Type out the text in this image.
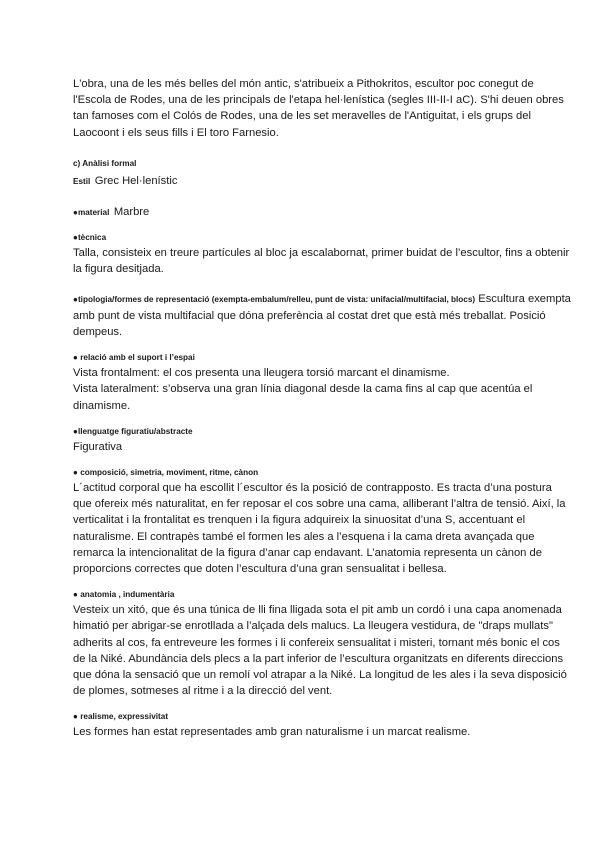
L'obra, una de les més belles del món antic, s'atribueix a Pithokritos, escultor poc conegut de l'Escola de Rodes, una de les principals de l'etapa hel·lenística (segles III-II-I aC). S'hi deuen obres tan famoses com el Colós de Rodes, una de les set meravelles de l'Antiguitat, i els grups del Laocoont i els seus fills i El toro Farnesio.

c) Anàlisi formal
Estil Grec Hel·lenístic
●material Marbre
●tècnica

Talla, consisteix en treure partícules al bloc ja escalabornat, primer buidat de l’escultor, fins a obtenir la figura desitjada.

●tipologia/formes de representació (exempta-embalum/relleu, punt de vista: unifacial/multifacial, blocs) Escultura exempta amb punt de vista multifacial que dóna preferència al costat dret que està més treballat. Posició dempeus.

● relació amb el suport i l’espai

Vista frontalment: el cos presenta una lleugera torsió marcant el dinamisme.

Vista lateralment: s’observa una gran línia diagonal desde la cama fins al cap que acentúa el dinamisme.

●llenguatge figuratiu/abstracte

Figurativa

● composició, simetria, moviment, ritme, cànon

L´actitud corporal que ha escollit l´escultor és la posició de contrapposto. Es tracta d’una postura que ofereix més naturalitat, en fer reposar el cos sobre una cama, alliberant l’altra de tensió. Així, la verticalitat i la frontalitat es trenquen i la figura adquireix la sinuositat d’una S, accentuant el naturalisme. El contrapès també el formen les ales a l’esquena i la cama dreta avançada que remarca la intencionalitat de la figura d’anar cap endavant. L’anatomia representa un cànon de proporcions correctes que doten l’escultura d’una gran sensualitat i bellesa.

● anatomia , indumentària

Vesteix un xitó, que és una túnica de lli fina lligada sota el pit amb un cordó i una capa anomenada himatió per abrigar-se enrotllada a l’alçada dels malucs. La lleugera vestidura, de "draps mullats" adherits al cos, fa entreveure les formes i li confereix sensualitat i misteri, tornant més bonic el cos de la Niké. Abundància dels plecs a la part inferior de l’escultura organitzats en diferents direccions que dóna la sensació que un remolí vol atrapar a la Niké. La longitud de les ales i la seva disposició de plomes, sotmeses al ritme i a la direcció del vent.

● realisme, expressivitat

Les formes han estat representades amb gran naturalisme i un marcat realisme.
